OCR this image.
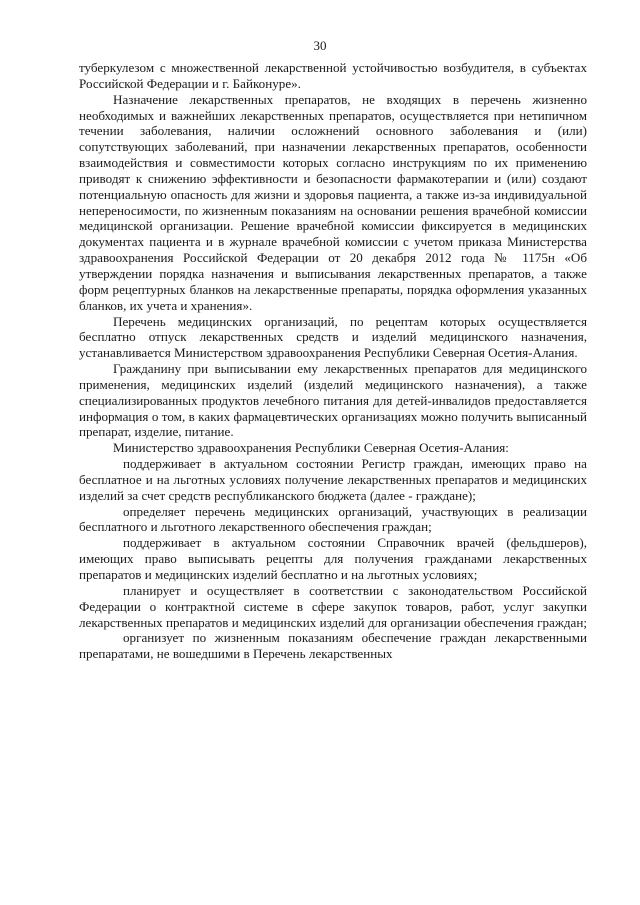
30

туберкулезом с множественной лекарственной устойчивостью возбудителя, в субъектах Российской Федерации и г. Байконуре».

Назначение лекарственных препаратов, не входящих в перечень жизненно необходимых и важнейших лекарственных препаратов, осуществляется при нетипичном течении заболевания, наличии осложнений основного заболевания и (или) сопутствующих заболеваний, при назначении лекарственных препаратов, особенности взаимодействия и совместимости которых согласно инструкциям по их применению приводят к снижению эффективности и безопасности фармакотерапии и (или) создают потенциальную опасность для жизни и здоровья пациента, а также из-за индивидуальной непереносимости, по жизненным показаниям на основании решения врачебной комиссии медицинской организации. Решение врачебной комиссии фиксируется в медицинских документах пациента и в журнале врачебной комиссии с учетом приказа Министерства здравоохранения Российской Федерации от 20 декабря 2012 года № 1175н «Об утверждении порядка назначения и выписывания лекарственных препаратов, а также форм рецептурных бланков на лекарственные препараты, порядка оформления указанных бланков, их учета и хранения».

Перечень медицинских организаций, по рецептам которых осуществляется бесплатно отпуск лекарственных средств и изделий медицинского назначения, устанавливается Министерством здравоохранения Республики Северная Осетия-Алания.

Гражданину при выписывании ему лекарственных препаратов для медицинского применения, медицинских изделий (изделий медицинского назначения), а также специализированных продуктов лечебного питания для детей-инвалидов предоставляется информация о том, в каких фармацевтических организациях можно получить выписанный препарат, изделие, питание.

Министерство здравоохранения Республики Северная Осетия-Алания:

поддерживает в актуальном состоянии Регистр граждан, имеющих право на бесплатное и на льготных условиях получение лекарственных препаратов и медицинских изделий за счет средств республиканского бюджета (далее - граждане);

определяет перечень медицинских организаций, участвующих в реализации бесплатного и льготного лекарственного обеспечения граждан;

поддерживает в актуальном состоянии Справочник врачей (фельдшеров), имеющих право выписывать рецепты для получения гражданами лекарственных препаратов и медицинских изделий бесплатно и на льготных условиях;

планирует и осуществляет в соответствии с законодательством Российской Федерации о контрактной системе в сфере закупок товаров, работ, услуг закупки лекарственных препаратов и медицинских изделий для организации обеспечения граждан;

организует по жизненным показаниям обеспечение граждан лекарственными препаратами, не вошедшими в Перечень лекарственных
